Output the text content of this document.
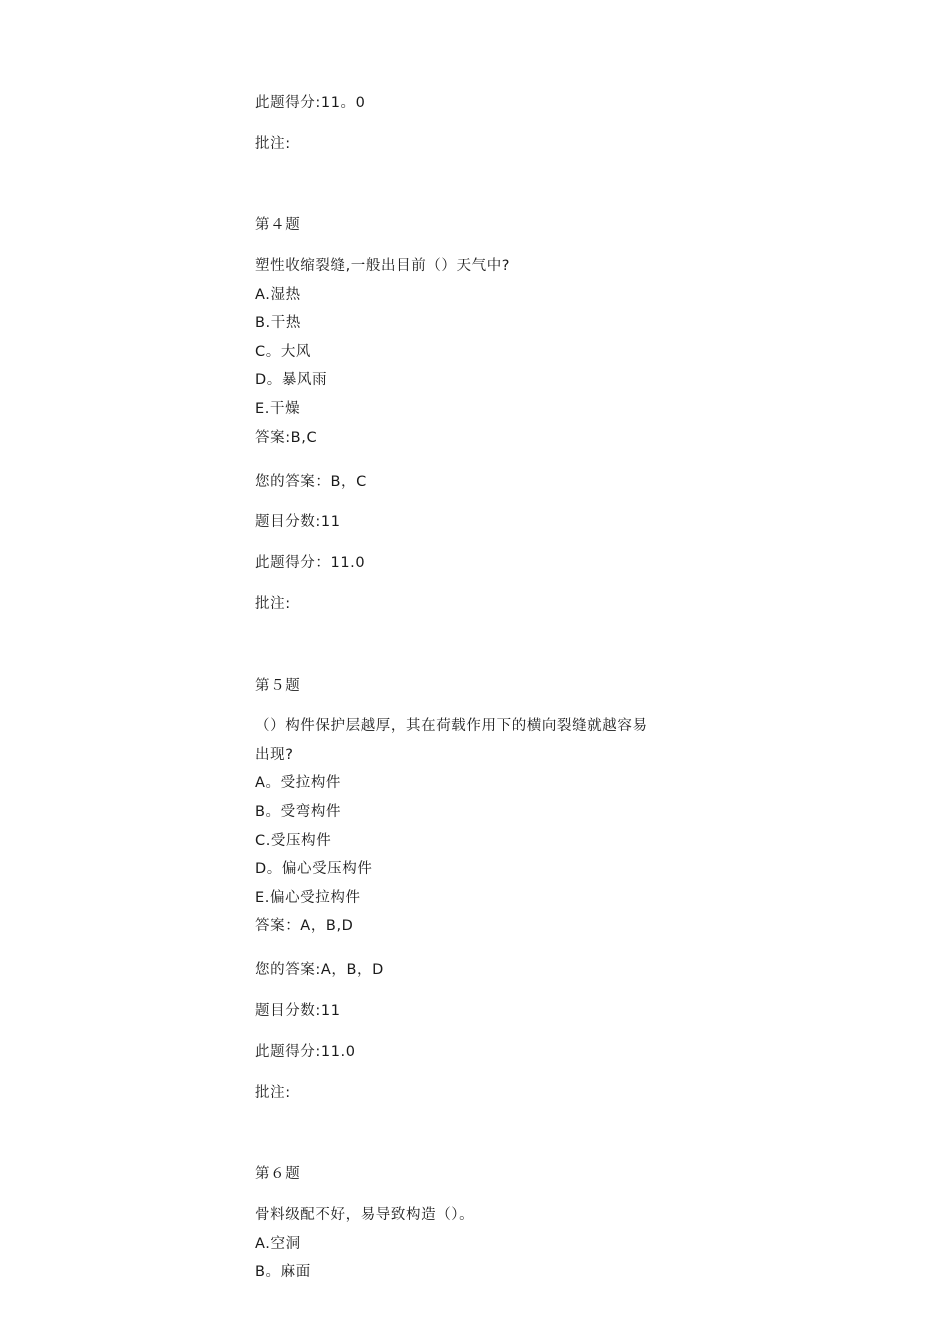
此题得分:11。0
批注:
第４题
塑性收缩裂缝,一般出目前（）天气中?
A.湿热
B.干热
C。大风
D。暴风雨
E.干燥
答案:B,C
您的答案：B，C
题目分数:11
此题得分：11.0
批注:
第５题
（）构件保护层越厚，其在荷载作用下的横向裂缝就越容易
出现?
A。受拉构件
B。受弯构件
C.受压构件
D。偏心受压构件
E.偏心受拉构件
答案：A，B,D
您的答案:A，B，D
题目分数:11
此题得分:11.0
批注:
第６题
骨料级配不好，易导致构造（）。
A.空洞
B。麻面
